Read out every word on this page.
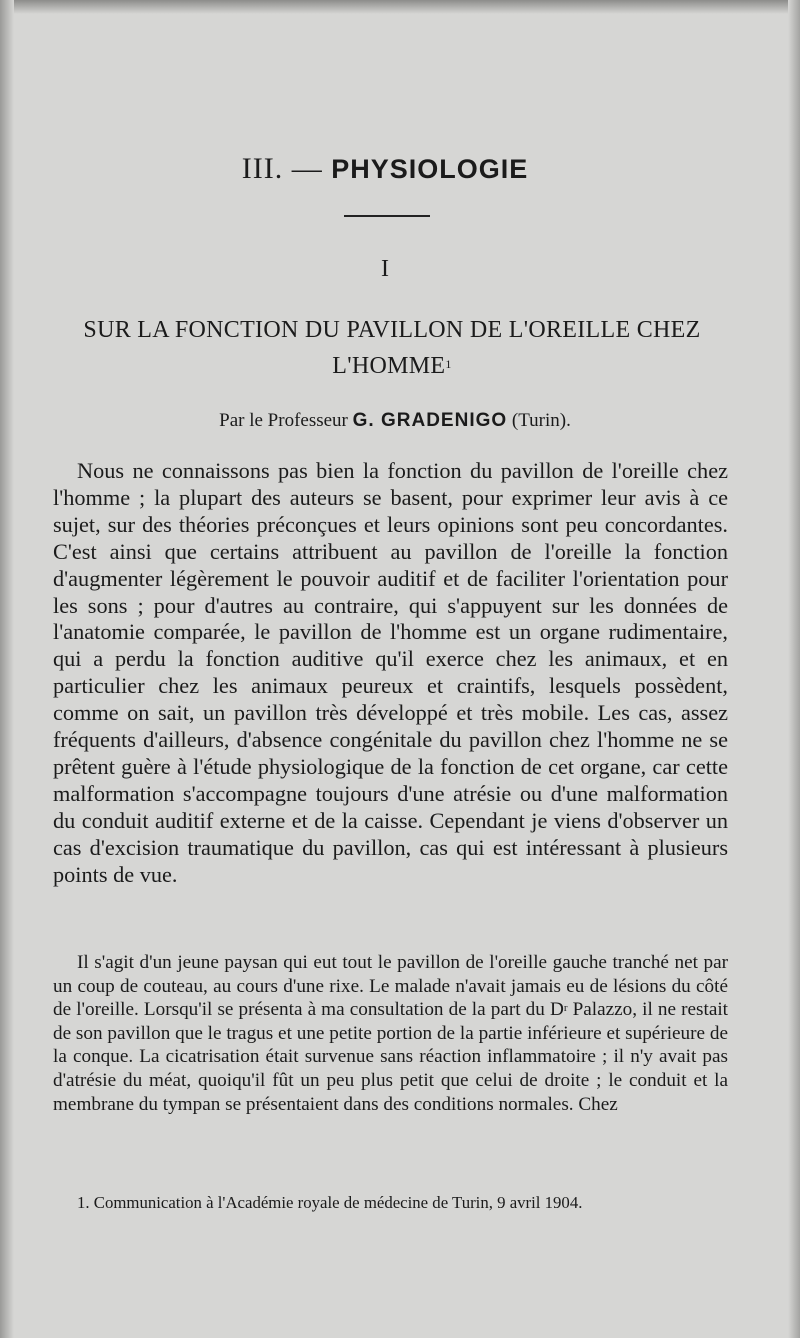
III. — PHYSIOLOGIE
I
SUR LA FONCTION DU PAVILLON DE L'OREILLE CHEZ
L'HOMME$^1$
Par le Professeur G. GRADENIGO (Turin).

Nous ne connaissons pas bien la fonction du pavillon de l'oreille chez l'homme ; la plupart des auteurs se basent, pour exprimer leur avis à ce sujet, sur des théories préconçues et leurs opinions sont peu concordantes. C'est ainsi que certains attribuent au pavillon de l'oreille la fonction d'augmenter légèrement le pouvoir auditif et de faciliter l'orientation pour les sons ; pour d'autres au contraire, qui s'appuyent sur les données de l'anatomie comparée, le pavillon de l'homme est un organe rudimentaire, qui a perdu la fonction auditive qu'il exerce chez les animaux, et en particulier chez les animaux peureux et craintifs, lesquels possèdent, comme on sait, un pavillon très développé et très mobile. Les cas, assez fréquents d'ailleurs, d'absence congénitale du pavillon chez l'homme ne se prêtent guère à l'étude physiologique de la fonction de cet organe, car cette malformation s'accompagne toujours d'une atrésie ou d'une malformation du conduit auditif externe et de la caisse. Cependant je viens d'observer un cas d'excision traumatique du pavillon, cas qui est intéressant à plusieurs points de vue.

Il s'agit d'un jeune paysan qui eut tout le pavillon de l'oreille gauche tranché net par un coup de couteau, au cours d'une rixe. Le malade n'avait jamais eu de lésions du côté de l'oreille. Lorsqu'il se présenta à ma consultation de la part du $D^r$ Palazzo, il ne restait de son pavillon que le tragus et une petite portion de la partie inférieure et supérieure de la conque. La cicatrisation était survenue sans réaction inflammatoire ; il n'y avait pas d'atrésie du méat, quoiqu'il fût un peu plus petit que celui de droite ; le conduit et la membrane du tympan se présentaient dans des conditions normales. Chez

1. Communication à l'Académie royale de médecine de Turin, 9 avril 1904.
